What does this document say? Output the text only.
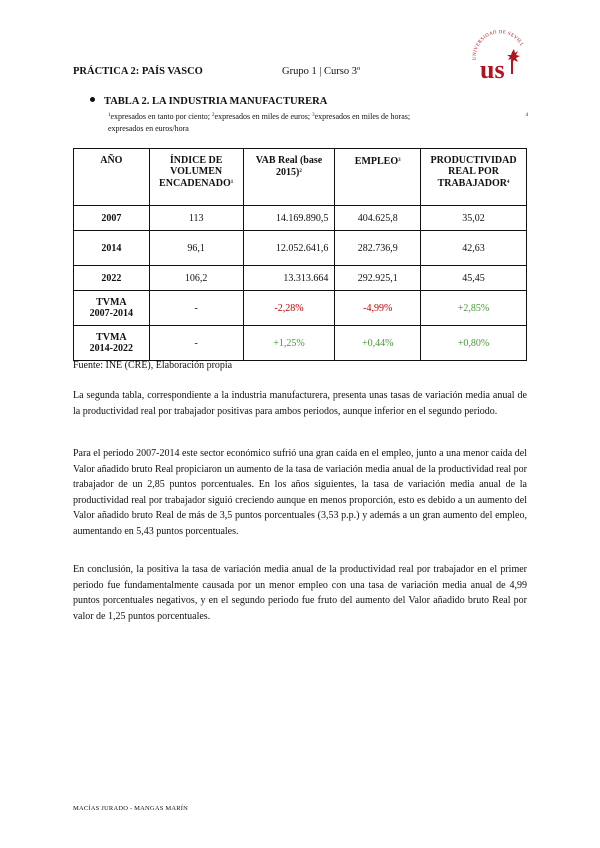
PRÁCTICA 2: PAÍS VASCO	Grupo 1 | Curso 3º
UNIVERSIDAD DE SEVILL
us
TABLA 2. LA INDUSTRIA MANUFACTURERA
$^1$expresados en tanto por ciento; $^2$expresados en miles de euros; $^3$expresados en miles de horas;	4
expresados en euros/hora
AÑO	ÍNDICE DE VOLUMEN ENCADENADO$^1$	VAB Real (base 2015)$^2$	EMPLEO$^3$	PRODUCTIVIDAD REAL POR TRABAJADOR$^4$
2007	113	14.169.890,5	404.625,8	35,02
2014	96,1	12.052.641,6	282.736,9	42,63
2022	106,2	13.313.664	292.925,1	45,45
TVMA
2007-2014	-	-2,28%	-4,99%	+2,85%
TVMA
2014-2022	-	+1,25%	+0,44%	+0,80%
Fuente: INE (CRE), Elaboración propia

La segunda tabla, correspondiente a la industria manufacturera, presenta unas tasas de variación media anual de la productividad real por trabajador positivas para ambos periodos, aunque inferior en el segundo periodo.

Para el periodo 2007-2014 este sector económico sufrió una gran caída en el empleo, junto a una menor caída del Valor añadido bruto Real propiciaron un aumento de la tasa de variación media anual de la productividad real por trabajador de un 2,85 puntos porcentuales. En los años siguientes, la tasa de variación media anual de la productividad real por trabajador siguió creciendo aunque en menos proporción, esto es debido a un aumento del Valor añadido bruto Real de más de 3,5 puntos porcentuales (3,53 p.p.) y además a un gran aumento del empleo, aumentando en 5,43 puntos porcentuales.

En conclusión, la positiva la tasa de variación media anual de la productividad real por trabajador en el primer periodo fue fundamentalmente causada por un menor empleo con una tasa de variación media anual de 4,99 puntos porcentuales negativos, y en el segundo periodo fue fruto del aumento del Valor añadido bruto Real por valor de 1,25 puntos porcentuales.

MACÍAS JURADO - MANGAS MARÍN
